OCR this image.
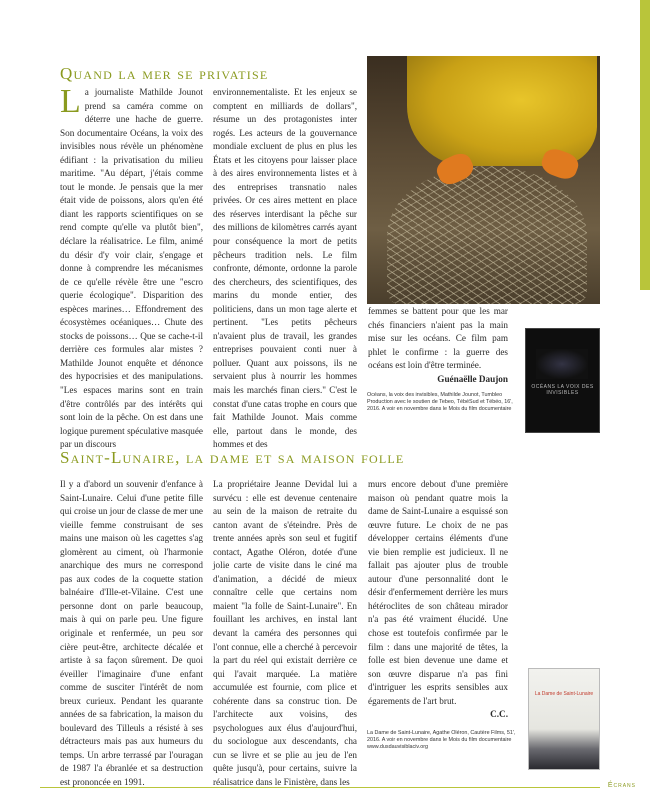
Quand la mer se privatise

La journaliste Mathilde Jounot prend sa caméra comme on déterre une hache de guerre. Son documentaire Océans, la voix des invisibles nous révèle un phénomène édifiant : la privatisation du milieu maritime. "Au départ, j'étais comme tout le monde. Je pensais que la mer était vide de poissons, alors qu'en été diant les rapports scientifiques on se rend compte qu'elle va plutôt bien", déclare la réalisatrice. Le film, animé du désir d'y voir clair, s'engage et donne à comprendre les mécanismes de ce qu'elle révèle être une "escro querie écologique". Disparition des espèces marines… Effondrement des écosystèmes océaniques… Chute des stocks de poissons… Que se cache-t-il derrière ces formules alar mistes ? Mathilde Jounot enquête et dénonce des hypocrisies et des manipulations. "Les espaces marins sont en train d'être contrôlés par des intérêts qui sont loin de la pêche. On est dans une logique purement spéculative masquée par un discours

environnementaliste. Et les enjeux se comptent en milliards de dollars", résume un des protagonistes inter rogés. Les acteurs de la gouvernance mondiale excluent de plus en plus les États et les citoyens pour laisser place à des aires environnementa listes et à des entreprises transnatio nales privées. Or ces aires mettent en place des réserves interdisant la pêche sur des millions de kilomètres carrés ayant pour conséquence la mort de petits pêcheurs tradition nels. Le film confronte, démonte, ordonne la parole des chercheurs, des scientifiques, des marins du monde entier, des politiciens, dans un mon tage alerte et pertinent. "Les petits pêcheurs n'avaient plus de travail, les grandes entreprises pouvaient conti nuer à polluer. Quant aux poissons, ils ne servaient plus à nourrir les hommes mais les marchés finan ciers." C'est le constat d'une catas trophe en cours que fait Mathilde Jounot. Mais comme elle, partout dans le monde, des hommes et des

femmes se battent pour que les mar chés financiers n'aient pas la main mise sur les océans. Ce film pam phlet le confirme : la guerre des océans est loin d'être terminée.

Guénaëlle Daujon

OCÉANS LA VOIX DES INVISIBLES
Océans, la voix des invisibles, Mathilde Jounot, Tumbleo Production avec le soutien de Tebeo, TébéSud et Tébéo, 16', 2016. A voir en novembre dans le Mois du film documentaire
Saint-Lunaire, la dame et sa maison folle

Il y a d'abord un souvenir d'enfance à Saint-Lunaire. Celui d'une petite fille qui croise un jour de classe de mer une vieille femme construisant de ses mains une maison où les cagettes s'ag glomèrent au ciment, où l'harmonie anarchique des murs ne correspond pas aux codes de la coquette station balnéaire d'Ille-et-Vilaine. C'est une personne dont on parle beaucoup, mais à qui on parle peu. Une figure originale et renfermée, un peu sor cière peut-être, architecte décalée et artiste à sa façon sûrement. De quoi éveiller l'imaginaire d'une enfant comme de susciter l'intérêt de nom breux curieux. Pendant les quarante années de sa fabrication, la maison du boulevard des Tilleuls a résisté à ses détracteurs mais pas aux humeurs du temps. Un arbre terrassé par l'ouragan de 1987 l'a ébranlée et sa destruction est prononcée en 1991.

La propriétaire Jeanne Devidal lui a survécu : elle est devenue centenaire au sein de la maison de retraite du canton avant de s'éteindre. Près de trente années après son seul et fugitif contact, Agathe Oléron, dotée d'une jolie carte de visite dans le ciné ma d'animation, a décidé de mieux connaître celle que certains nom maient "la folle de Saint-Lunaire". En fouillant les archives, en instal lant devant la caméra des personnes qui l'ont connue, elle a cherché à percevoir la part du réel qui existait derrière ce qui l'avait marquée. La matière accumulée est fournie, com plice et cohérente dans sa construc tion. De l'architecte aux voisins, des psychologues aux élus d'aujourd'hui, du sociologue aux descendants, cha cun se livre et se plie au jeu de l'en quête jusqu'à, pour certains, suivre la réalisatrice dans le Finistère, dans les

murs encore debout d'une première maison où pendant quatre mois la dame de Saint-Lunaire a esquissé son œuvre future. Le choix de ne pas développer certains éléments d'une vie bien remplie est judicieux. Il ne fallait pas ajouter plus de trouble autour d'une personnalité dont le désir d'enfermement derrière les murs hétéroclites de son château mirador n'a pas été vraiment élucidé. Une chose est toutefois confirmée par le film : dans une majorité de têtes, la folle est bien devenue une dame et son œuvre disparue n'a pas fini d'intriguer les esprits sensibles aux égarements de l'art brut.

C.C.

La Dame de Saint-Lunaire
La Dame de Saint-Lunaire, Agathe Oléron, Cautère Films, 51', 2016. A voir en novembre dans le Mois du film documentaire www.dusdauvisiblaciv.org
Écrans
